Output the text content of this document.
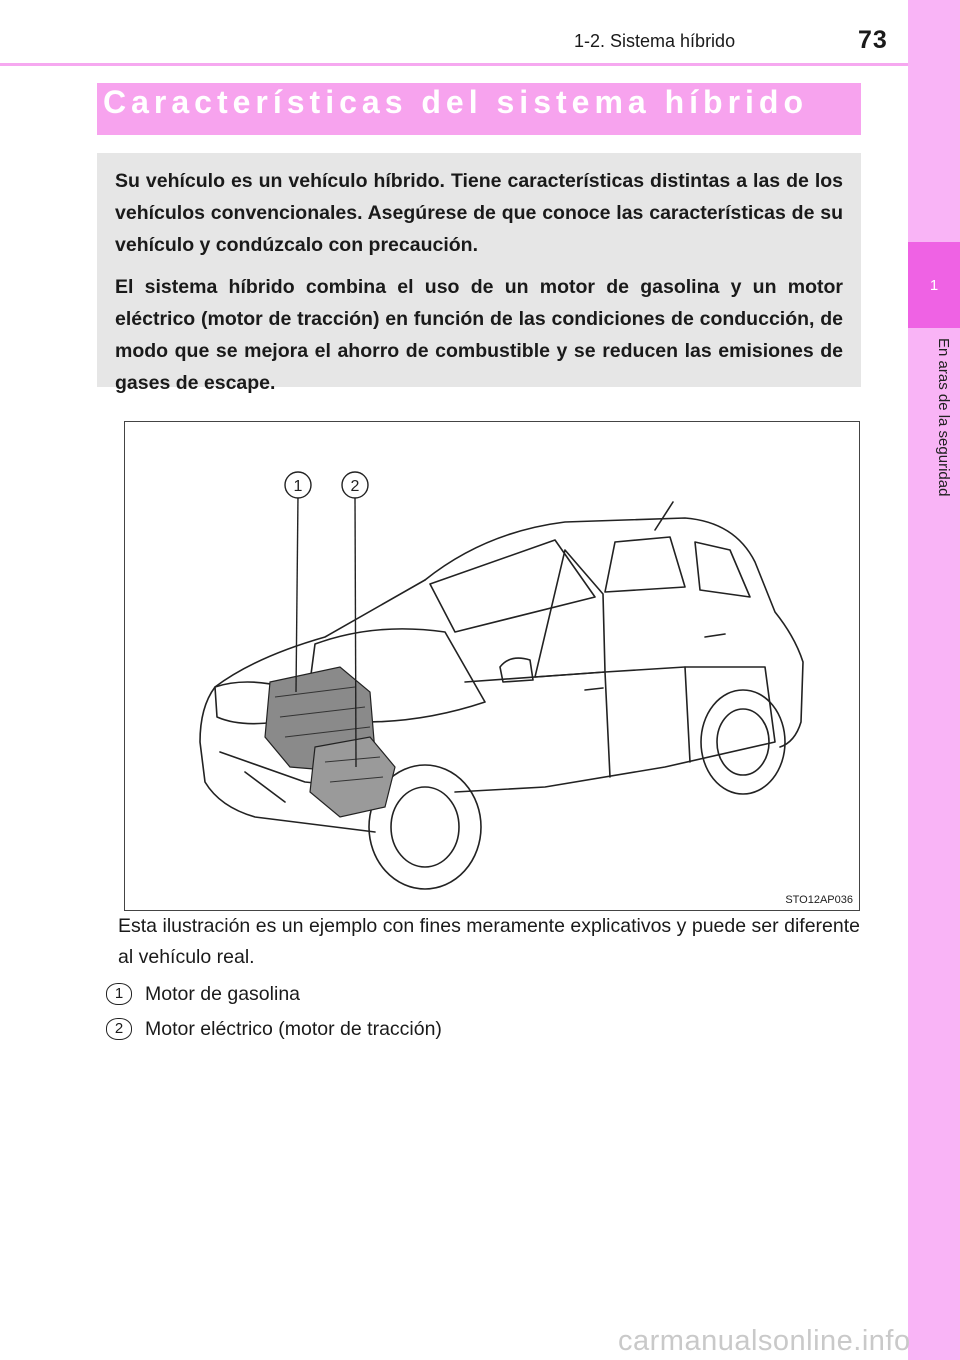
73
1-2. Sistema híbrido
1
En aras de la seguridad
Características del sistema híbrido

Su vehículo es un vehículo híbrido. Tiene características distintas a las de los vehículos convencionales. Asegúrese de que conoce las características de su vehículo y condúzcalo con precaución.

El sistema híbrido combina el uso de un motor de gasolina y un motor eléctrico (motor de tracción) en función de las condiciones de conducción, de modo que se mejora el ahorro de combustible y se reducen las emisiones de gases de escape.

1	2
STO12AP036
Esta ilustración es un ejemplo con fines meramente explicativos y puede ser diferente al vehículo real.
1	Motor de gasolina
2	Motor eléctrico (motor de tracción)
carmanualsonline.info
